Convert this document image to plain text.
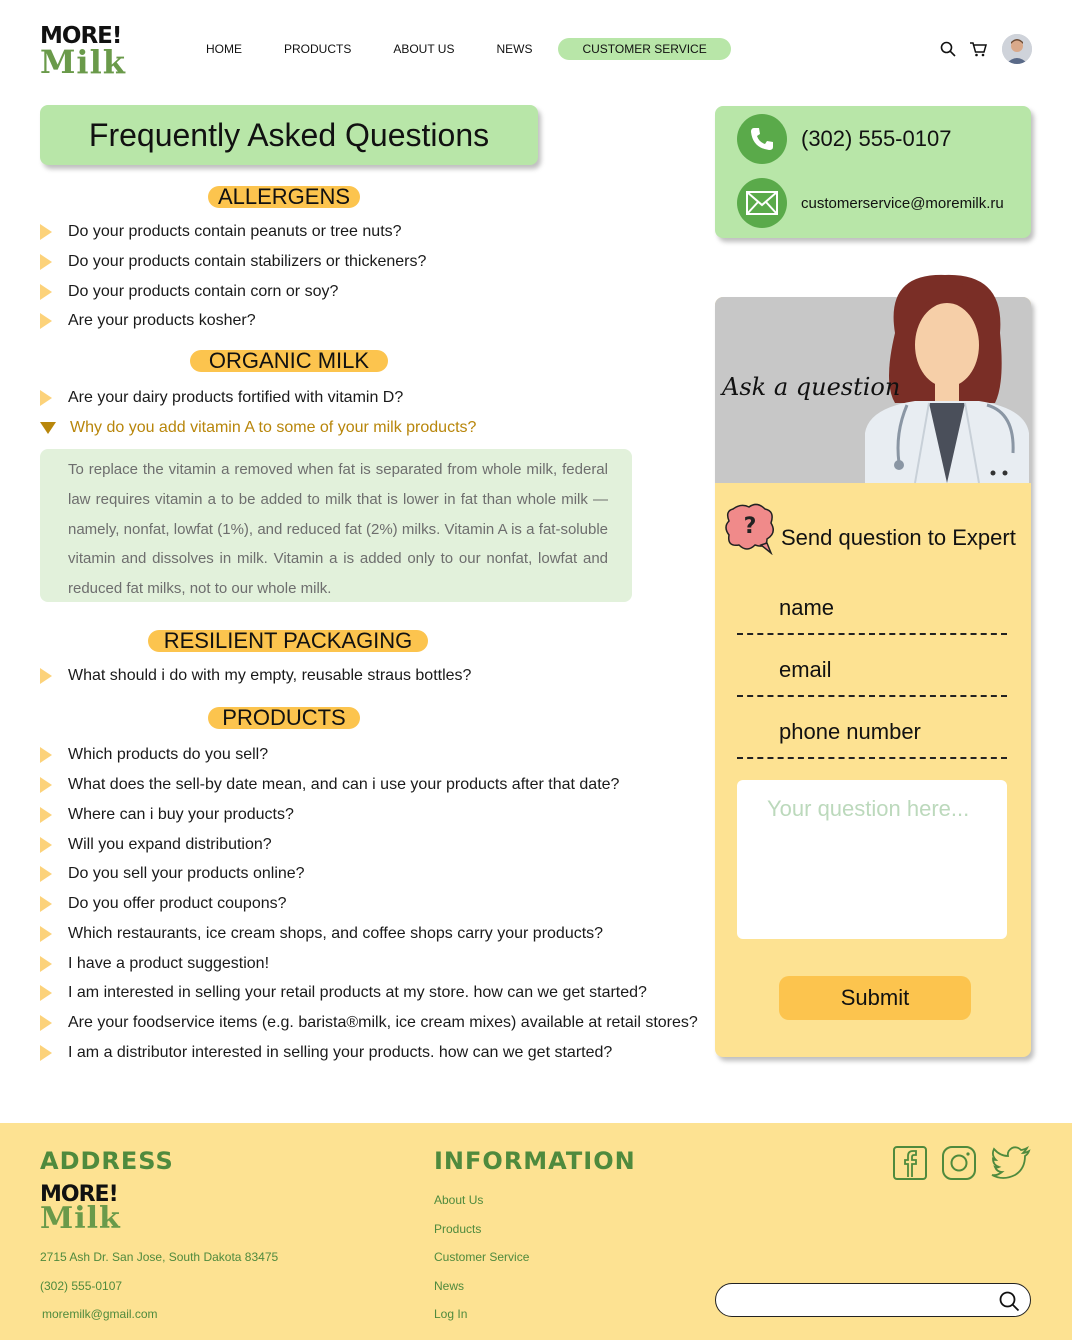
MORE!
Milk	HOME	PRODUCTS	ABOUT US	NEWS	CUSTOMER SERVICE
Frequently Asked Questions
ALLERGENS
Do your products contain peanuts or tree nuts?
Do your products contain stabilizers or thickeners?
Do your products contain corn or soy?
Are your products kosher?
ORGANIC MILK
Are your dairy products fortified with vitamin D?
Why do you add vitamin A to some of your milk products?
To replace the vitamin a removed when fat is separated from whole milk, federal law requires vitamin a to be added to milk that is lower in fat than whole milk — namely, nonfat, lowfat (1%), and reduced fat (2%) milks. Vitamin A is a fat-soluble vitamin and dissolves in milk. Vitamin a is added only to our nonfat, lowfat and reduced fat milks, not to our whole milk.
RESILIENT PACKAGING
What should i do with my empty, reusable straus bottles?
PRODUCTS
Which products do you sell?
What does the sell-by date mean, and can i use your products after that date?
Where can i buy your products?
Will you expand distribution?
Do you sell your products online?
Do you offer product coupons?
Which restaurants, ice cream shops, and coffee shops carry your products?
I have a product suggestion!
I am interested in selling your retail products at my store. how can we get started?
Are your foodservice items (e.g. barista®milk, ice cream mixes) available at retail stores?
I am a distributor interested in selling your products. how can we get started?
(302) 555-0107
customerservice@moremilk.ru
Ask a question
? Send question to Expert
name
email
phone number
Your question here...
Submit
ADDRESS
MORE!
Milk
2715 Ash Dr. San Jose, South Dakota 83475
(302) 555-0107
moremilk@gmail.com
INFORMATION
About Us
Products
Customer Service
News
Log In
